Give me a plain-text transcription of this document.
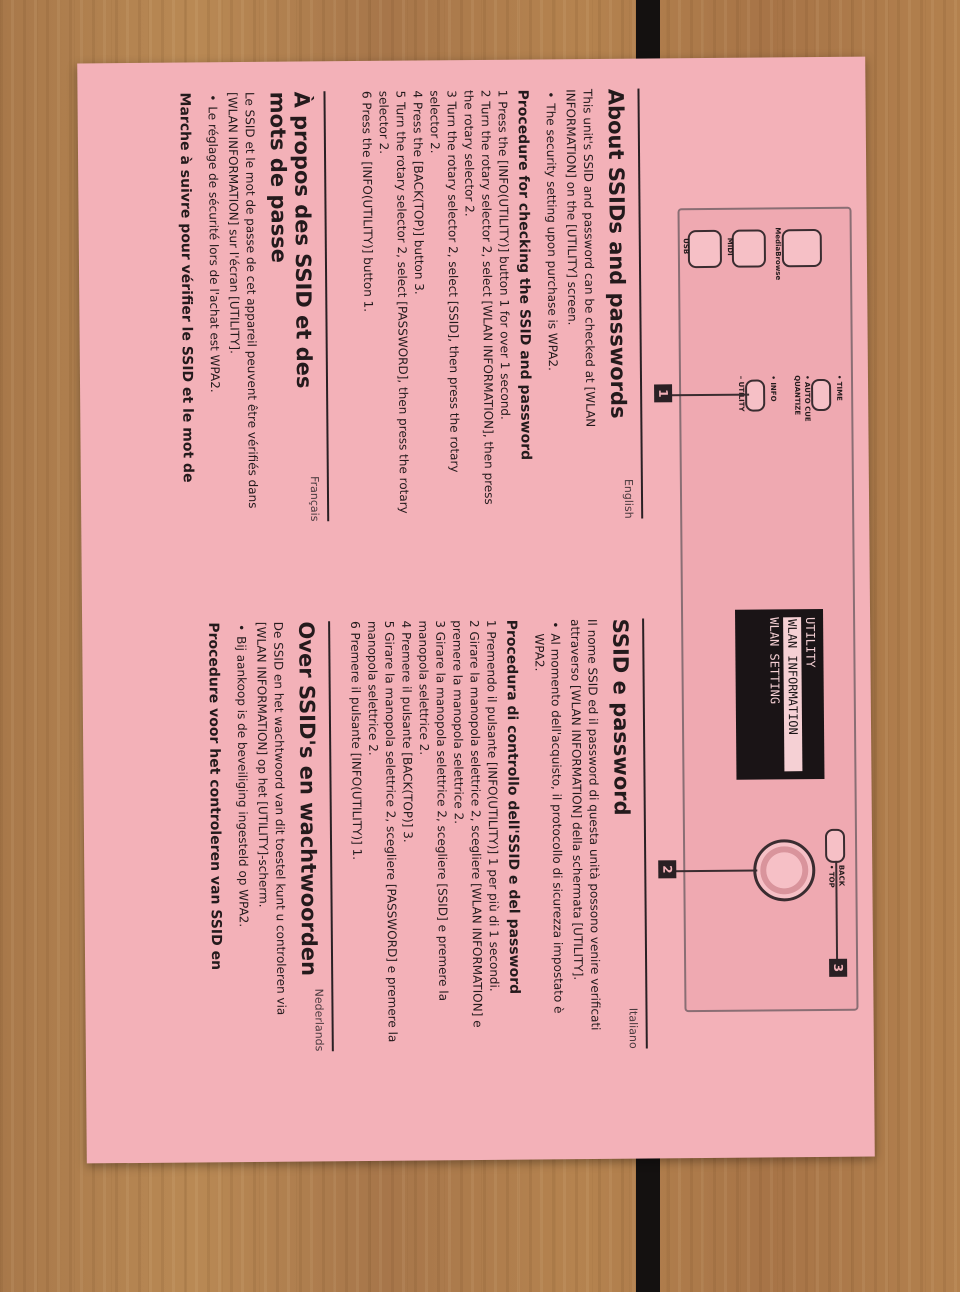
MediaBrowse
MIDI
USB
• TIME
• AUTO CUE
QUANTIZE
• INFO
UTILITY
WLAN INFORMATION
WLAN SETTING
BACK
• TOP
1
2
3
English
About SSIDs and passwords

This unit's SSID and password can be checked at [WLAN INFORMATION] on the [UTILITY] screen.

• The security setting upon purchase is WPA2.
Procedure for checking the SSID and password
1 Press the [INFO(UTILITY)] button 1 for over 1 second.
2 Turn the rotary selector 2, select [WLAN INFORMATION], then press the rotary selector 2.
3 Turn the rotary selector 2, select [SSID], then press the rotary selector 2.
4 Press the [BACK(TOP)] button 3.
5 Turn the rotary selector 2, select [PASSWORD], then press the rotary selector 2.
6 Press the [INFO(UTILITY)] button 1.
Italiano
SSID e password

Il nome SSID ed il password di questa unità possono venire verificati attraverso [WLAN INFORMATION] della schermata [UTILITY].

• Al momento dell'acquisto, il protocollo di sicurezza impostato è WPA2.
Procedura di controllo dell'SSID e del password
1 Premendo il pulsante [INFO(UTILITY)] 1 per più di 1 secondi.
2 Girare la manopola selettrice 2, scegliere [WLAN INFORMATION] e premere la manopola selettrice 2.
3 Girare la manopola selettrice 2, scegliere [SSID] e premere la manopola selettrice 2.
4 Premere il pulsante [BACK(TOP)] 3.
5 Girare la manopola selettrice 2, scegliere [PASSWORD] e premere la manopola selettrice 2.
6 Premere il pulsante [INFO(UTILITY)] 1.
Français
À propos des SSID et des mots de passe

Le SSID et le mot de passe de cet appareil peuvent être vérifiés dans [WLAN INFORMATION] sur l'écran [UTILITY].

• Le réglage de sécurité lors de l'achat est WPA2.
Marche à suivre pour vérifier le SSID et le mot de
Nederlands
Over SSID's en wachtwoorden

De SSID en het wachtwoord van dit toestel kunt u controleren via [WLAN INFORMATION] op het [UTILITY]-scherm.

• Bij aankoop is de beveiliging ingesteld op WPA2.
Procedure voor het controleren van SSID en
